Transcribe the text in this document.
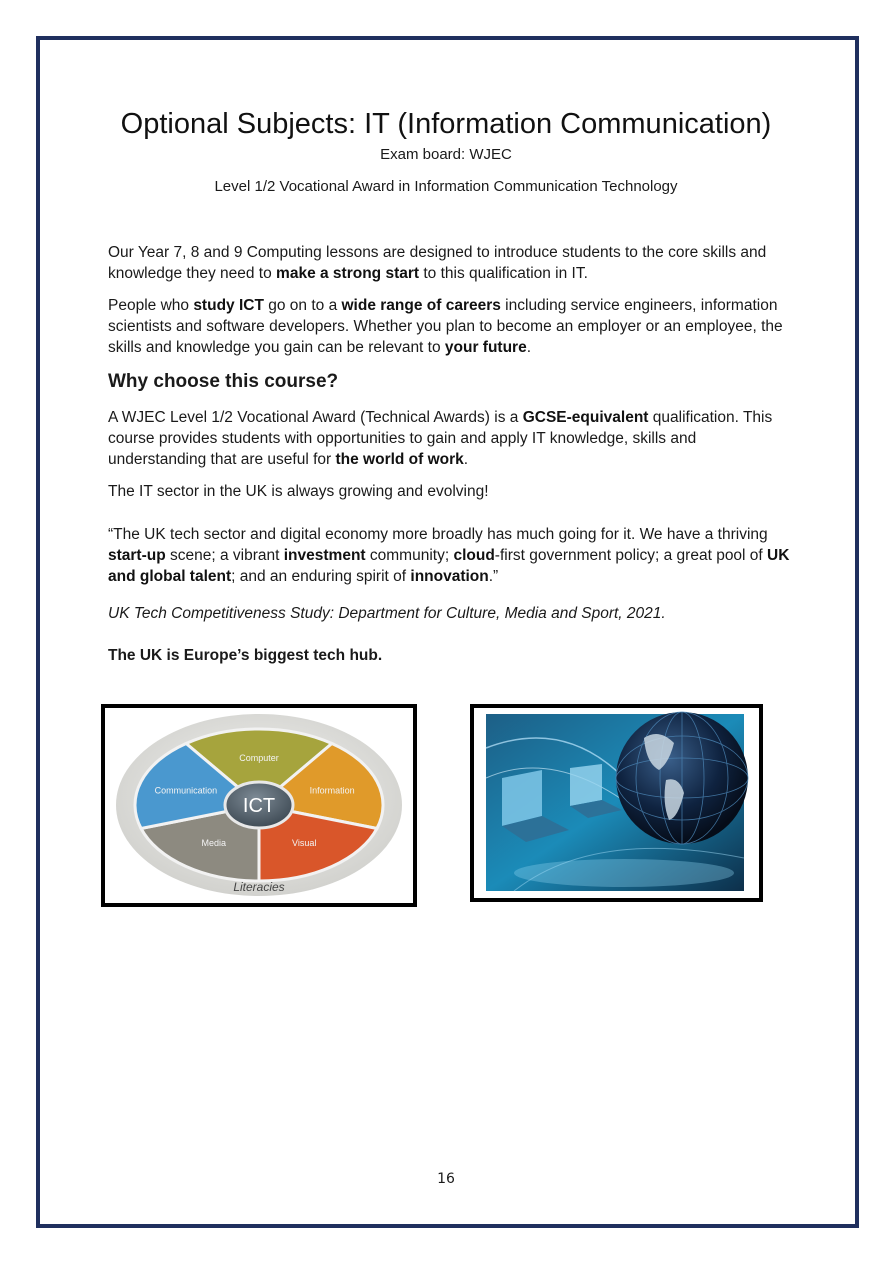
Optional Subjects: IT (Information Communication)
Exam board: WJEC
Level 1/2 Vocational Award in Information Communication Technology

Our Year 7, 8 and 9 Computing lessons are designed to introduce students to the core skills and knowledge they need to make a strong start to this qualification in IT.

People who study ICT go on to a wide range of careers including service engineers, information scientists and software developers. Whether you plan to become an employer or an employee, the skills and knowledge you gain can be relevant to your future.

Why choose this course?

A WJEC Level 1/2 Vocational Award (Technical Awards) is a GCSE-equivalent qualification. This course provides students with opportunities to gain and apply IT knowledge, skills and understanding that are useful for the world of work.

The IT sector in the UK is always growing and evolving!

“The UK tech sector and digital economy more broadly has much going for it. We have a thriving start-up scene; a vibrant investment community; cloud-first government policy; a great pool of UK and global talent; and an enduring spirit of innovation.”

UK Tech Competitiveness Study: Department for Culture, Media and Sport, 2021.

The UK is Europe’s biggest tech hub.

ICT
Computer
Information
Visual
Media
Communication
Literacies
16
